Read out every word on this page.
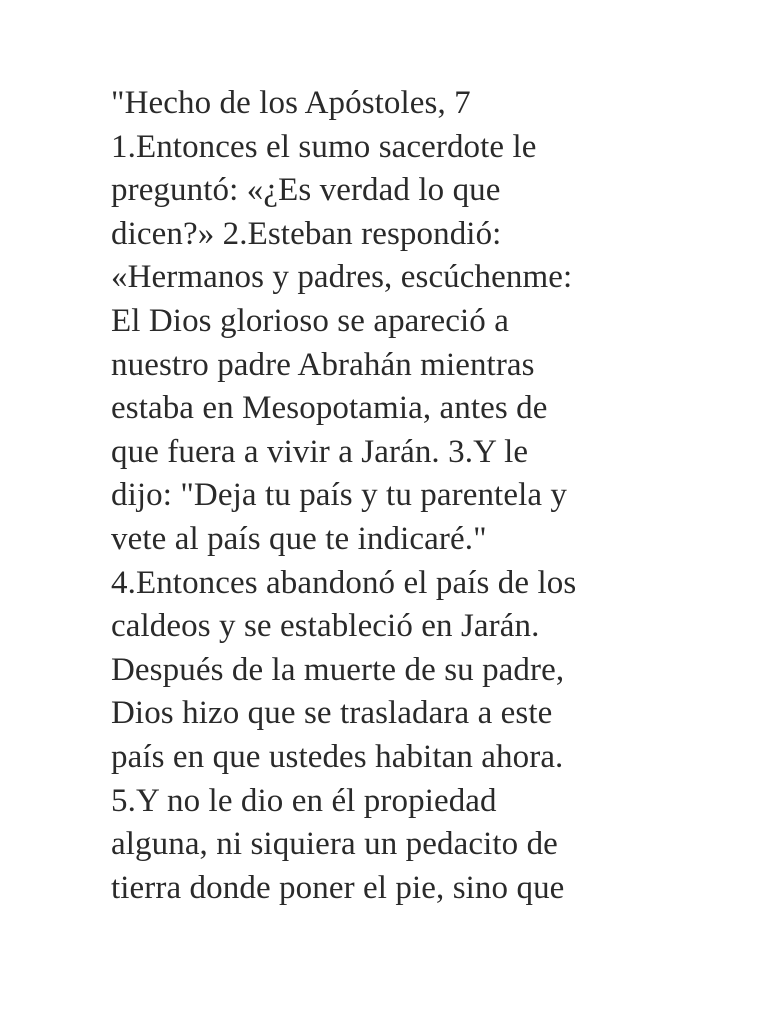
"Hecho de los Apóstoles, 7
1.Entonces el sumo sacerdote le
preguntó: «¿Es verdad lo que
dicen?» 2.Esteban respondió:
«Hermanos y padres, escúchenme:
El Dios glorioso se apareció a
nuestro padre Abrahán mientras
estaba en Mesopotamia, antes de
que fuera a vivir a Jarán. 3.Y le
dijo: "Deja tu país y tu parentela y
vete al país que te indicaré."
4.Entonces abandonó el país de los
caldeos y se estableció en Jarán.
Después de la muerte de su padre,
Dios hizo que se trasladara a este
país en que ustedes habitan ahora.
5.Y no le dio en él propiedad
alguna, ni siquiera un pedacito de
tierra donde poner el pie, sino que
